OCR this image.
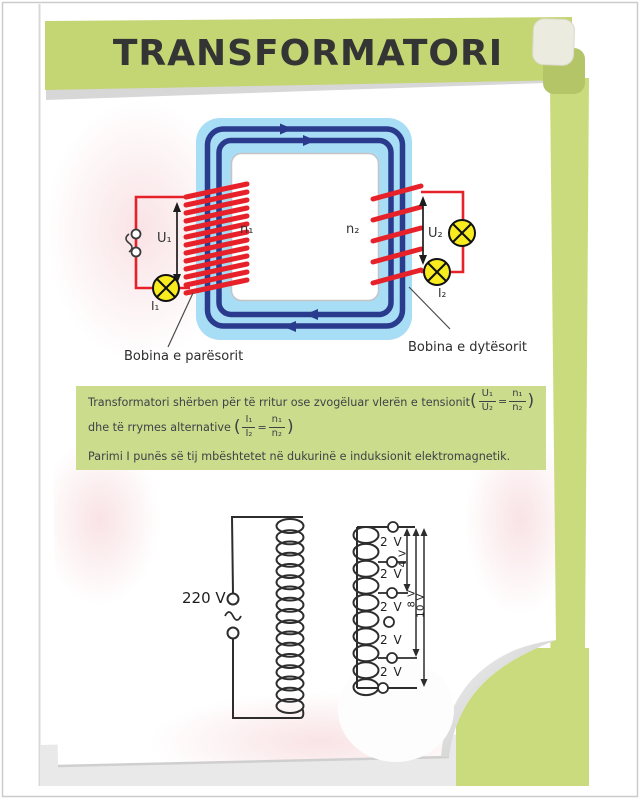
TRANSFORMATORI
n₁	n₂
U₁	U₂
I₁
I₂
Bobina e parësorit
Bobina e dytësorit
Transformatori shërben për të rritur ose zvogëluar vlerën e tensionit ( $\frac{\text{U₁}}{\text{U₂}} = \frac{\text{n₁}}{\text{n₂}}$ )
dhe të rrymes alternative ( $\frac{\text{I₁}}{\text{I₂}} = \frac{\text{n₁}}{\text{n₂}}$ )
Parimi I punës së tij mbështetet në dukurinë e induksionit elektromagnetik.
220 V
2 V
2 V
2 V
2 V
2 V
4 V
8 V
10 V
